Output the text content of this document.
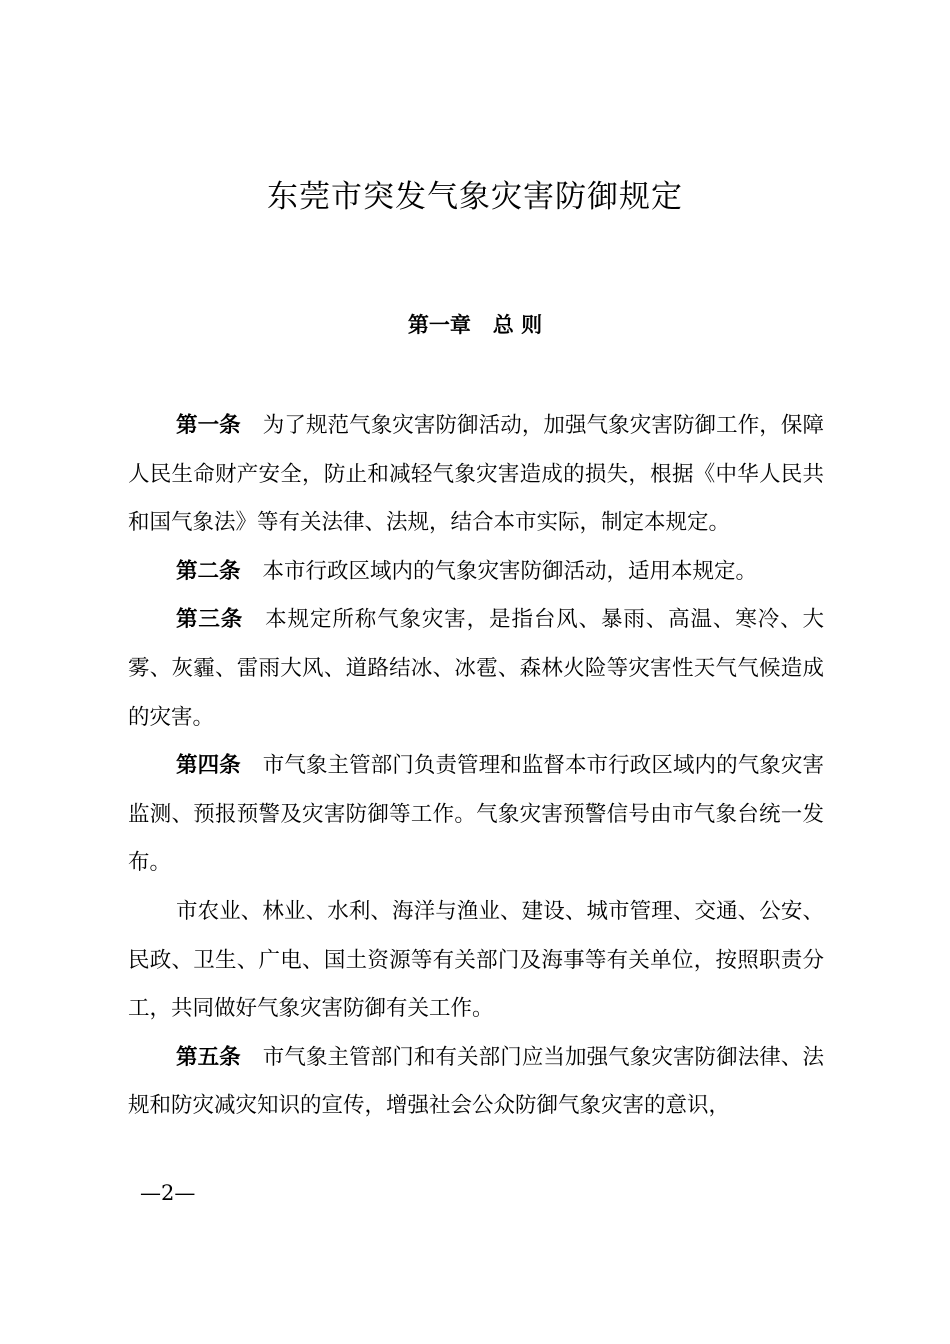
东莞市突发气象灾害防御规定
第一章   总 则

第一条 为了规范气象灾害防御活动，加强气象灾害防御工作，保障人民生命财产安全，防止和减轻气象灾害造成的损失，根据《中华人民共和国气象法》等有关法律、法规，结合本市实际，制定本规定。

第二条 本市行政区域内的气象灾害防御活动，适用本规定。

第三条 本规定所称气象灾害，是指台风、暴雨、高温、寒冷、大雾、灰霾、雷雨大风、道路结冰、冰雹、森林火险等灾害性天气气候造成的灾害。

第四条 市气象主管部门负责管理和监督本市行政区域内的气象灾害监测、预报预警及灾害防御等工作。气象灾害预警信号由市气象台统一发布。

市农业、林业、水利、海洋与渔业、建设、城市管理、交通、公安、民政、卫生、广电、国土资源等有关部门及海事等有关单位，按照职责分工，共同做好气象灾害防御有关工作。

第五条 市气象主管部门和有关部门应当加强气象灾害防御法律、法规和防灾减灾知识的宣传，增强社会公众防御气象灾害的意识，

—2—
